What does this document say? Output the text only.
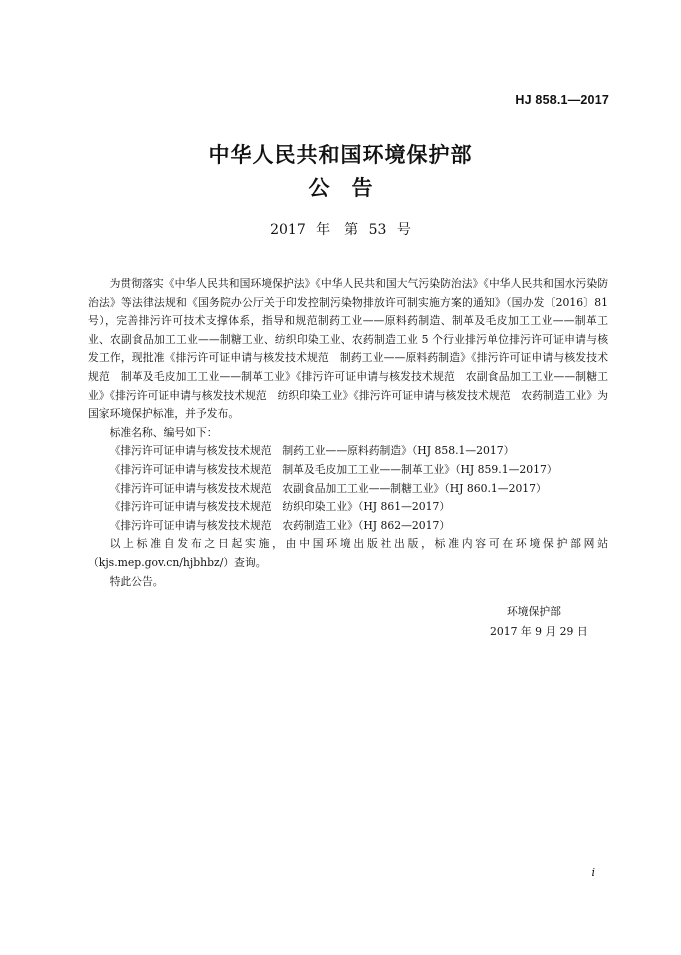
HJ 858.1—2017
中华人民共和国环境保护部
公告
2017 年　第 53 号

为贯彻落实《中华人民共和国环境保护法》《中华人民共和国大气污染防治法》《中华人民共和国水污染防治法》等法律法规和《国务院办公厅关于印发控制污染物排放许可制实施方案的通知》（国办发〔2016〕81 号），完善排污许可技术支撑体系，指导和规范制药工业——原料药制造、制革及毛皮加工工业——制革工业、农副食品加工工业——制糖工业、纺织印染工业、农药制造工业 5 个行业排污单位排污许可证申请与核发工作，现批准《排污许可证申请与核发技术规范　制药工业——原料药制造》《排污许可证申请与核发技术规范　制革及毛皮加工工业——制革工业》《排污许可证申请与核发技术规范　农副食品加工工业——制糖工业》《排污许可证申请与核发技术规范　纺织印染工业》《排污许可证申请与核发技术规范　农药制造工业》为国家环境保护标准，并予发布。

标准名称、编号如下：

《排污许可证申请与核发技术规范　制药工业——原料药制造》（HJ 858.1—2017）

《排污许可证申请与核发技术规范　制革及毛皮加工工业——制革工业》（HJ 859.1—2017）

《排污许可证申请与核发技术规范　农副食品加工工业——制糖工业》（HJ 860.1—2017）

《排污许可证申请与核发技术规范　纺织印染工业》（HJ 861—2017）

《排污许可证申请与核发技术规范　农药制造工业》（HJ 862—2017）

以上标准自发布之日起实施，由中国环境出版社出版，标准内容可在环境保护部网站（kjs.mep.gov.cn/hjbhbz/）查询。

特此公告。

环境保护部
2017 年 9 月 29 日
i
